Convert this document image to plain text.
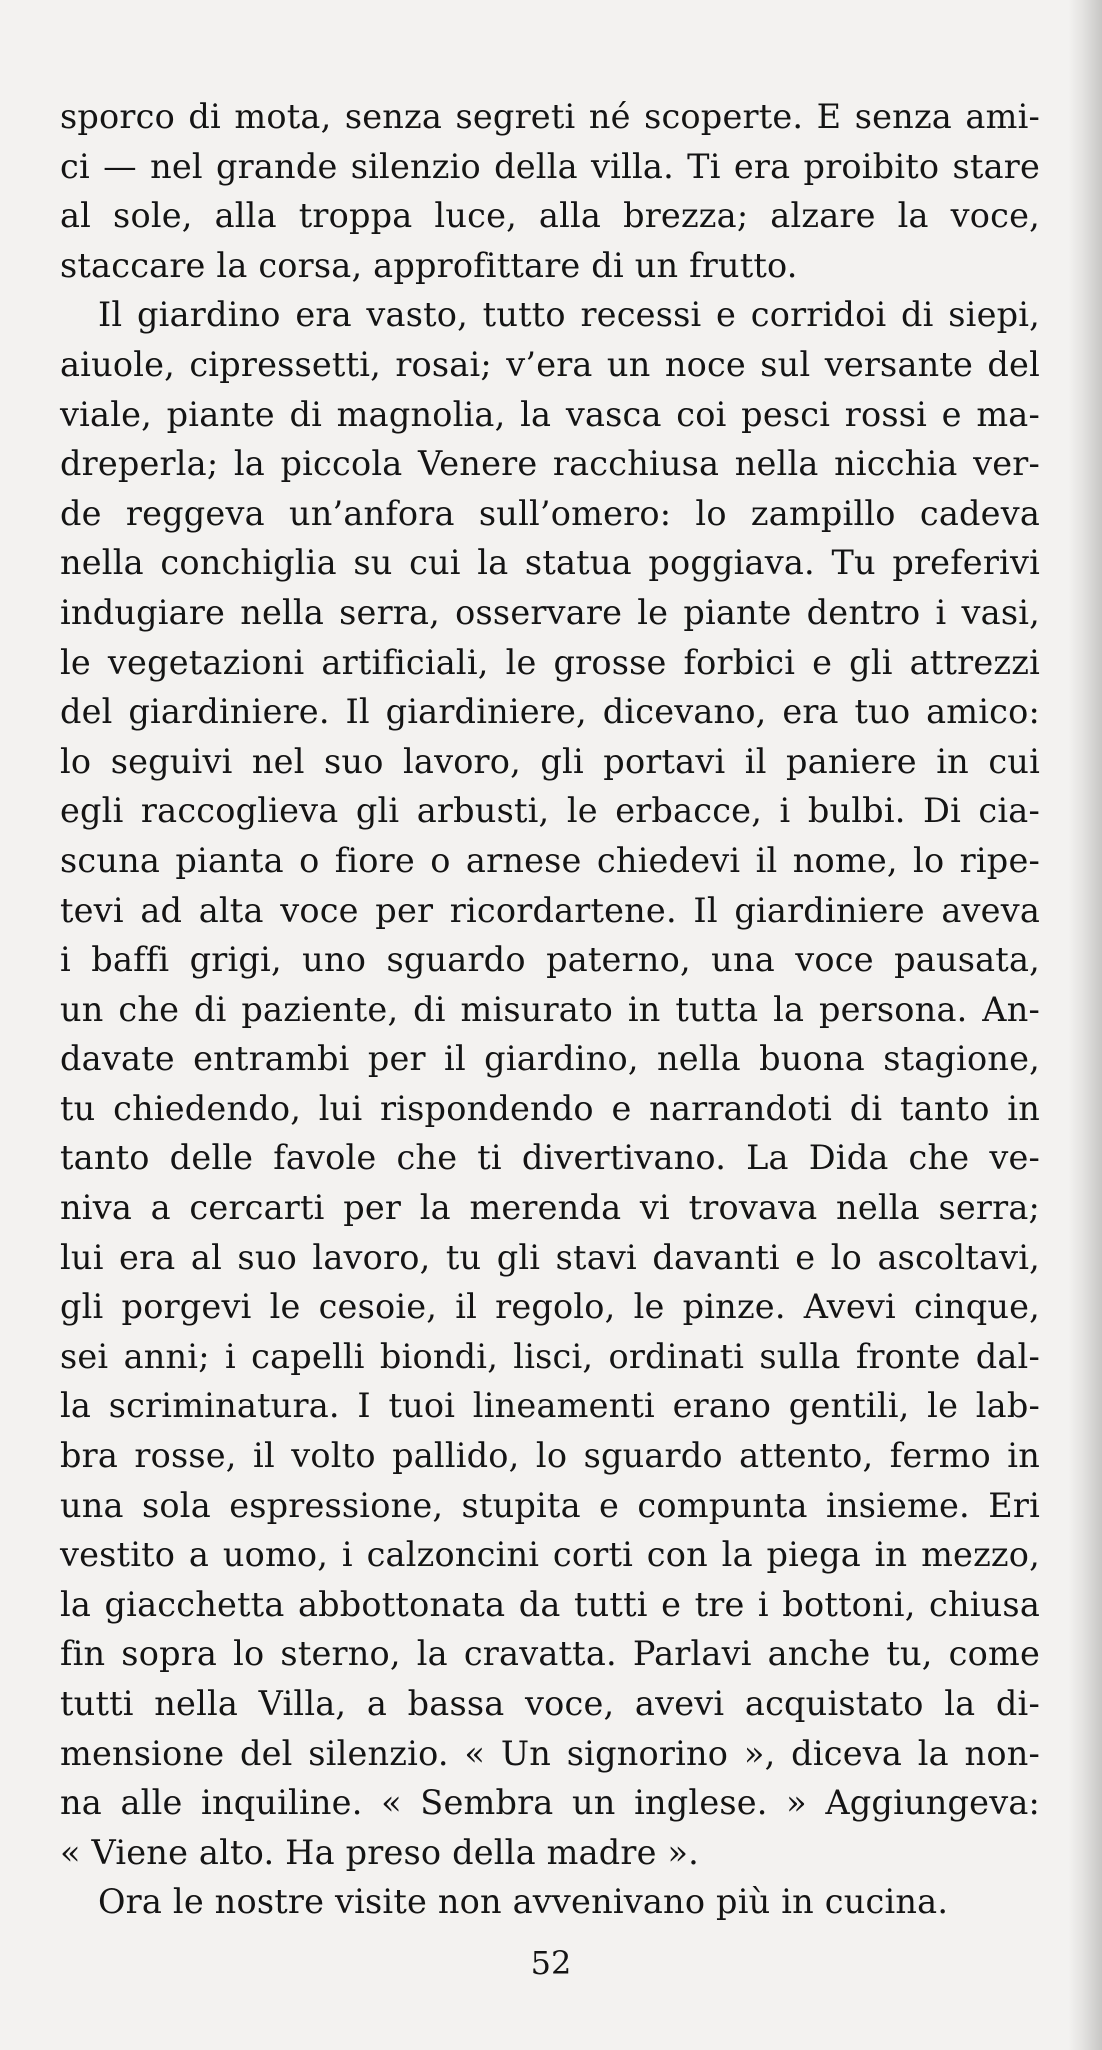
sporco di mota, senza segreti né scoperte. E senza ami-
ci — nel grande silenzio della villa. Ti era proibito stare
al sole, alla troppa luce, alla brezza; alzare la voce,
staccare la corsa, approfittare di un frutto.
Il giardino era vasto, tutto recessi e corridoi di siepi,
aiuole, cipressetti, rosai; v’era un noce sul versante del
viale, piante di magnolia, la vasca coi pesci rossi e ma-
dreperla; la piccola Venere racchiusa nella nicchia ver-
de reggeva un’anfora sull’omero: lo zampillo cadeva
nella conchiglia su cui la statua poggiava. Tu preferivi
indugiare nella serra, osservare le piante dentro i vasi,
le vegetazioni artificiali, le grosse forbici e gli attrezzi
del giardiniere. Il giardiniere, dicevano, era tuo amico:
lo seguivi nel suo lavoro, gli portavi il paniere in cui
egli raccoglieva gli arbusti, le erbacce, i bulbi. Di cia-
scuna pianta o fiore o arnese chiedevi il nome, lo ripe-
tevi ad alta voce per ricordartene. Il giardiniere aveva
i baffi grigi, uno sguardo paterno, una voce pausata,
un che di paziente, di misurato in tutta la persona. An-
davate entrambi per il giardino, nella buona stagione,
tu chiedendo, lui rispondendo e narrandoti di tanto in
tanto delle favole che ti divertivano. La Dida che ve-
niva a cercarti per la merenda vi trovava nella serra;
lui era al suo lavoro, tu gli stavi davanti e lo ascoltavi,
gli porgevi le cesoie, il regolo, le pinze. Avevi cinque,
sei anni; i capelli biondi, lisci, ordinati sulla fronte dal-
la scriminatura. I tuoi lineamenti erano gentili, le lab-
bra rosse, il volto pallido, lo sguardo attento, fermo in
una sola espressione, stupita e compunta insieme. Eri
vestito a uomo, i calzoncini corti con la piega in mezzo,
la giacchetta abbottonata da tutti e tre i bottoni, chiusa
fin sopra lo sterno, la cravatta. Parlavi anche tu, come
tutti nella Villa, a bassa voce, avevi acquistato la di-
mensione del silenzio. « Un signorino », diceva la non-
na alle inquiline. « Sembra un inglese. » Aggiungeva:
« Viene alto. Ha preso della madre ».
Ora le nostre visite non avvenivano più in cucina.
52
